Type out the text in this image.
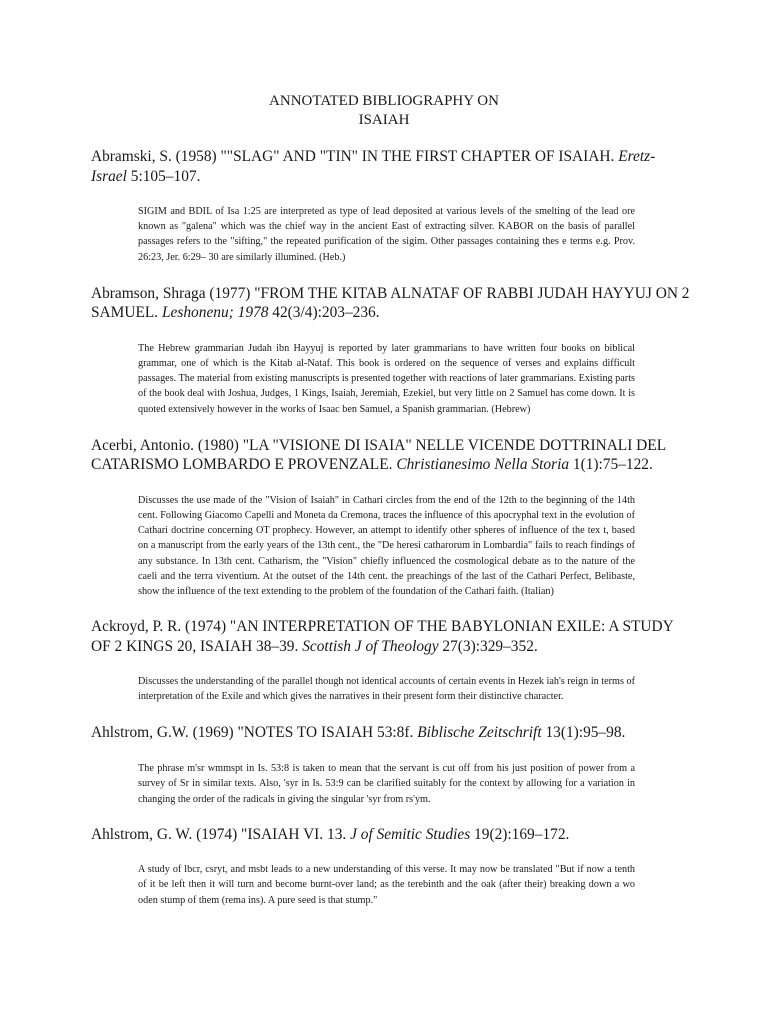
ANNOTATED BIBLIOGRAPHY ON
ISAIAH

Abramski, S. (1958) ""SLAG" AND "TIN" IN THE FIRST CHAPTER OF ISAIAH. Eretz-Israel 5:105–107.

SIGIM and BDIL of Isa 1:25 are interpreted as type of lead deposited at various levels of the smelting of the lead ore known as "galena" which was the chief way in the ancient East of extracting silver. KABOR on the basis of parallel passages refers to the "sifting," the repeated purification of the sigim. Other passages containing thes e terms e.g. Prov. 26:23, Jer. 6:29– 30 are similarly illumined. (Heb.)

Abramson, Shraga (1977) "FROM THE KITAB ALNATAF OF RABBI JUDAH HAYYUJ ON 2 SAMUEL. Leshonenu; 1978 42(3/4):203–236.

The Hebrew grammarian Judah ibn Hayyuj is reported by later grammarians to have written four books on biblical grammar, one of which is the Kitab al-Nataf. This book is ordered on the sequence of verses and explains difficult passages. The material from existing manuscripts is presented together with reactions of later grammarians. Existing parts of the book deal with Joshua, Judges, 1 Kings, Isaiah, Jeremiah, Ezekiel, but very little on 2 Samuel has come down. It is quoted extensively however in the works of Isaac ben Samuel, a Spanish grammarian. (Hebrew)

Acerbi, Antonio. (1980) "LA "VISIONE DI ISAIA" NELLE VICENDE DOTTRINALI DEL CATARISMO LOMBARDO E PROVENZALE. Christianesimo Nella Storia 1(1):75–122.

Discusses the use made of the "Vision of Isaiah" in Cathari circles from the end of the 12th to the beginning of the 14th cent. Following Giacomo Capelli and Moneta da Cremona, traces the influence of this apocryphal text in the evolution of Cathari doctrine concerning OT prophecy. However, an attempt to identify other spheres of influence of the tex t, based on a manuscript from the early years of the 13th cent., the "De heresi catharorum in Lombardia" fails to reach findings of any substance. In 13th cent. Catharism, the "Vision" chiefly influenced the cosmological debate as to the nature of the caeli and the terra viventium. At the outset of the 14th cent. the preachings of the last of the Cathari Perfect, Belibaste, show the influence of the text extending to the problem of the foundation of the Cathari faith. (Italian)

Ackroyd, P. R. (1974) "AN INTERPRETATION OF THE BABYLONIAN EXILE: A STUDY OF 2 KINGS 20, ISAIAH 38–39. Scottish J of Theology 27(3):329–352.

Discusses the understanding of the parallel though not identical accounts of certain events in Hezek iah's reign in terms of interpretation of the Exile and which gives the narratives in their present form their distinctive character.

Ahlstrom, G.W. (1969) "NOTES TO ISAIAH 53:8f. Biblische Zeitschrift 13(1):95–98.

The phrase m'sr wmmspt in Is. 53:8 is taken to mean that the servant is cut off from his just position of power from a survey of Sr in similar texts. Also, 'syr in Is. 53:9 can be clarified suitably for the context by allowing for a variation in changing the order of the radicals in giving the singular 'syr from rs'ym.

Ahlstrom, G. W. (1974) "ISAIAH VI. 13. J of Semitic Studies 19(2):169–172.

A study of lbcr, csryt, and msbt leads to a new understanding of this verse. It may now be translated "But if now a tenth of it be left then it will turn and become burnt-over land; as the terebinth and the oak (after their) breaking down a wo oden stump of them (rema ins). A pure seed is that stump."
